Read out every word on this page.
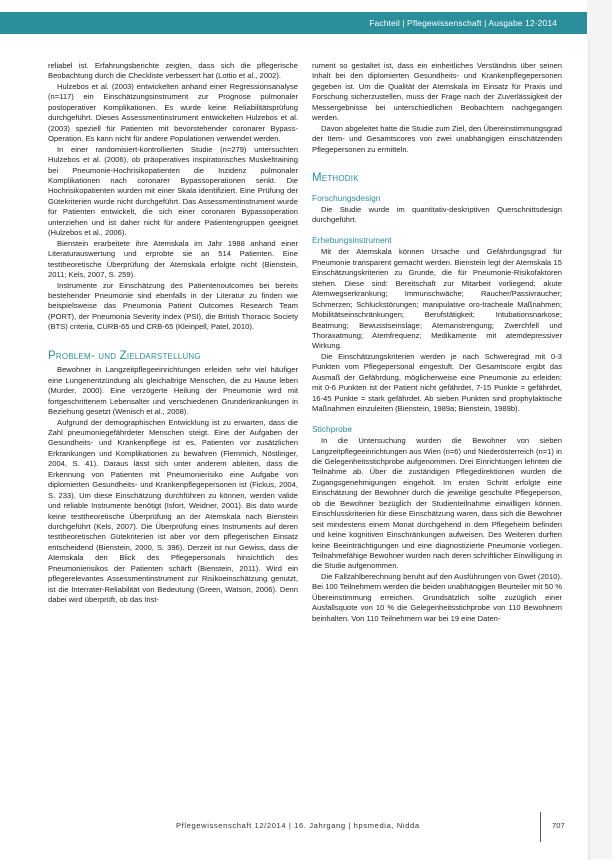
Fachteil | Pflegewissenschaft | Ausgabe 12-2014

reliabel ist. Erfahrungsberichte zeigten, dass sich die pflegerische Beobachtung durch die Checkliste verbessert hat (Lottio et al., 2002).

Hulzebos et al. (2003) entwickelten anhand einer Regressionsanalyse (n=117) ein Einschätzungsinstrument zur Prognose pulmonaler postoperativer Komplikationen. Es wurde keine Reliabilitätsprüfung durchgeführt. Dieses Assessmentinstrument entwickelten Hulzebos et al. (2003) speziell für Patienten mit bevorstehender coronarer Bypass-Operation. Es kann nicht für andere Populationen verwendet werden.

In einer randomisiert-kontrollierten Studie (n=279) untersuchten Hulzebos et al. (2006), ob präoperatives inspiratorisches Muskeltraining bei Pneumonie-Hochrisikopatienten die Inzidenz pulmonaler Komplikationen nach coronarer Bypassoperationen senkt. Die Hochrisikopatienten wurden mit einer Skala identifiziert. Eine Prüfung der Gütekriterien wurde nicht durchgeführt. Das Assessmentinstrument wurde für Patienten entwickelt, die sich einer coronaren Bypassoperation unterziehen und ist daher nicht für andere Patientengruppen geeignet (Hulzebos et al., 2006).

Bienstein erarbeitete ihre Atemskala im Jahr 1988 anhand einer Literaturauswertung und erprobte sie an 514 Patienten. Eine testtheoretische Überprüfung der Atemskala erfolgte nicht (Bienstein, 2011; Kels, 2007, S. 259).

Instrumente zur Einschätzung des Patientenoutcomes bei bereits bestehender Pneumonie sind ebenfalls in der Literatur zu finden wie beispielsweise das Pneumonia Patient Outcomes Research Team (PORT), der Pneumonia Severity Index (PSI), die British Thoracic Society (BTS) criteria, CURB-65 und CRB-65 (Kleinpell, Patel, 2010).

Problem- und Zieldarstellung

Bewohner in Langzeitpflegeeinrichtungen erleiden sehr viel häufiger eine Lungenentzündung als gleichaltrige Menschen, die zu Hause leben (Murder, 2000). Eine verzögerte Heilung der Pneumonie wird mit fortgeschrittenem Lebensalter und verschiedenen Grunderkrankungen in Beziehung gesetzt (Wenisch et al., 2008).

Aufgrund der demographischen Entwicklung ist zu erwarten, dass die Zahl pneumoniegefährdeter Menschen steigt. Eine der Aufgaben der Gesundheits- und Krankenpflege ist es, Patienten vor zusätzlichen Erkrankungen und Komplikationen zu bewahren (Flemmich, Nöstlinger, 2004, S. 41). Daraus lässt sich unter anderem ableiten, dass die Erkennung von Patienten mit Pneumonierisiko eine Aufgabe von diplomierten Gesundheits- und Krankenpflegepersonen ist (Fickus, 2004, S. 233). Um diese Einschätzung durchführen zu können, werden valide und reliable Instrumente benötigt (Isfort, Weidner, 2001). Bis dato wurde keine testtheoretische Überprüfung an der Atemskala nach Bienstein durchgeführt (Kels, 2007). Die Überprüfung eines Instruments auf deren testtheoretischen Gütekriterien ist aber vor dem pflegerischen Einsatz entscheidend (Bienstein, 2000, S. 396). Derzeit ist nur Gewiss, dass die Atemskala den Blick des Pflegepersonals hinsichtlich des Pneumonierisikos der Patienten schärft (Bienstein, 2011). Wird ein pflegerelevantes Assessmentinstrument zur Risikoeinschätzung genutzt, ist die Interrater-Reliabilität von Bedeutung (Green, Watson, 2006). Denn dabei wird überprüft, ob das Inst-

rument so gestaltet ist, dass ein einheitliches Verständnis über seinen Inhalt bei den diplomierten Gesundheits- und Krankenpflegepersonen gegeben ist. Um die Qualität der Atemskala im Einsatz für Praxis und Forschung sicherzustellen, muss der Frage nach der Zuverlässigkeit der Messergebnisse bei unterschiedlichen Beobachtern nachgegangen werden.

Davon abgeleitet hatte die Studie zum Ziel, den Übereinstimmungsgrad der Item- und Gesamtscores von zwei unabhängigen einschätzenden Pflegepersonen zu ermitteln.

Methodik
Forschungsdesign

Die Studie wurde im quantitativ-deskriptiven Querschnittsdesign durchgeführt.

Erhebungsinstrument

Mit der Atemskala können Ursache und Gefährdungsgrad für Pneumonie transparent gemacht werden. Bienstein legt der Atemskala 15 Einschätzungskriterien zu Grunde, die für Pneumonie-Risikofaktoren stehen. Diese sind: Bereitschaft zur Mitarbeit vorliegend; akute Atemwegserkrankung; Immunschwäche; Raucher/Passivraucher; Schmerzen; Schluckstörungen; manipulative oro-tracheale Maßnahmen; Mobilitätseinschränkungen; Berufstätigkeit; Intubationsnarkose; Beatmung; Bewusstseinslage; Atemanstrengung; Zwerchfell und Thoraxatmung; Atemfrequenz; Medikamente mit atemdepressiver Wirkung.

Die Einschätzungskriterien werden je nach Schweregrad mit 0-3 Punkten vom Pflegepersonal eingestuft. Der Gesamtscore ergibt das Ausmaß der Gefährdung, möglicherweise eine Pneumonie zu erleiden: mit 0-6 Punkten ist der Patient nicht gefährdet, 7-15 Punkte = gefährdet, 16-45 Punkte = stark gefährdet. Ab sieben Punkten sind prophylaktische Maßnahmen einzuleiten (Bienstein, 1989a; Bienstein, 1989b).

Stichprobe

In die Untersuchung wurden die Bewohner von sieben Langzeitpflegeeinrichtungen aus Wien (n=6) und Niederösterreich (n=1) in die Gelegenheitsstichprobe aufgenommen. Drei Einrichtungen lehnten die Teilnahme ab. Über die zuständigen Pflegedirektionen wurden die Zugangsgenehmigungen eingeholt. Im ersten Schritt erfolgte eine Einschätzung der Bewohner durch die jeweilige geschulte Pflegeperson, ob die Bewohner bezüglich der Studienteilnahme einwilligen können. Einschlusskriterien für diese Einschätzung waren, dass sich die Bewohner seit mindestens einem Monat durchgehend in dem Pflegeheim befinden und keine kognitiven Einschränkungen aufweisen. Des Weiteren durften keine Beeinträchtigungen und eine diagnostizierte Pneumonie vorliegen. Teilnahmefähige Bewohner wurden nach deren schriftlicher Einwilligung in die Studie aufgenommen.

Die Fallzahlberechnung beruht auf den Ausführungen von Gwet (2010). Bei 100 Teilnehmern werden die beiden unabhängigen Beurteiler mit 50 % Übereinstimmung erreichen. Grundsätzlich sollte zuzüglich einer Ausfallsquote von 10 % die Gelegenheitsstichprobe von 110 Bewohnern beinhalten. Von 110 Teilnehmern war bei 19 eine Daten-

Pflegewissenschaft 12/2014 | 16. Jahrgang | hpsmedia, Nidda	707
